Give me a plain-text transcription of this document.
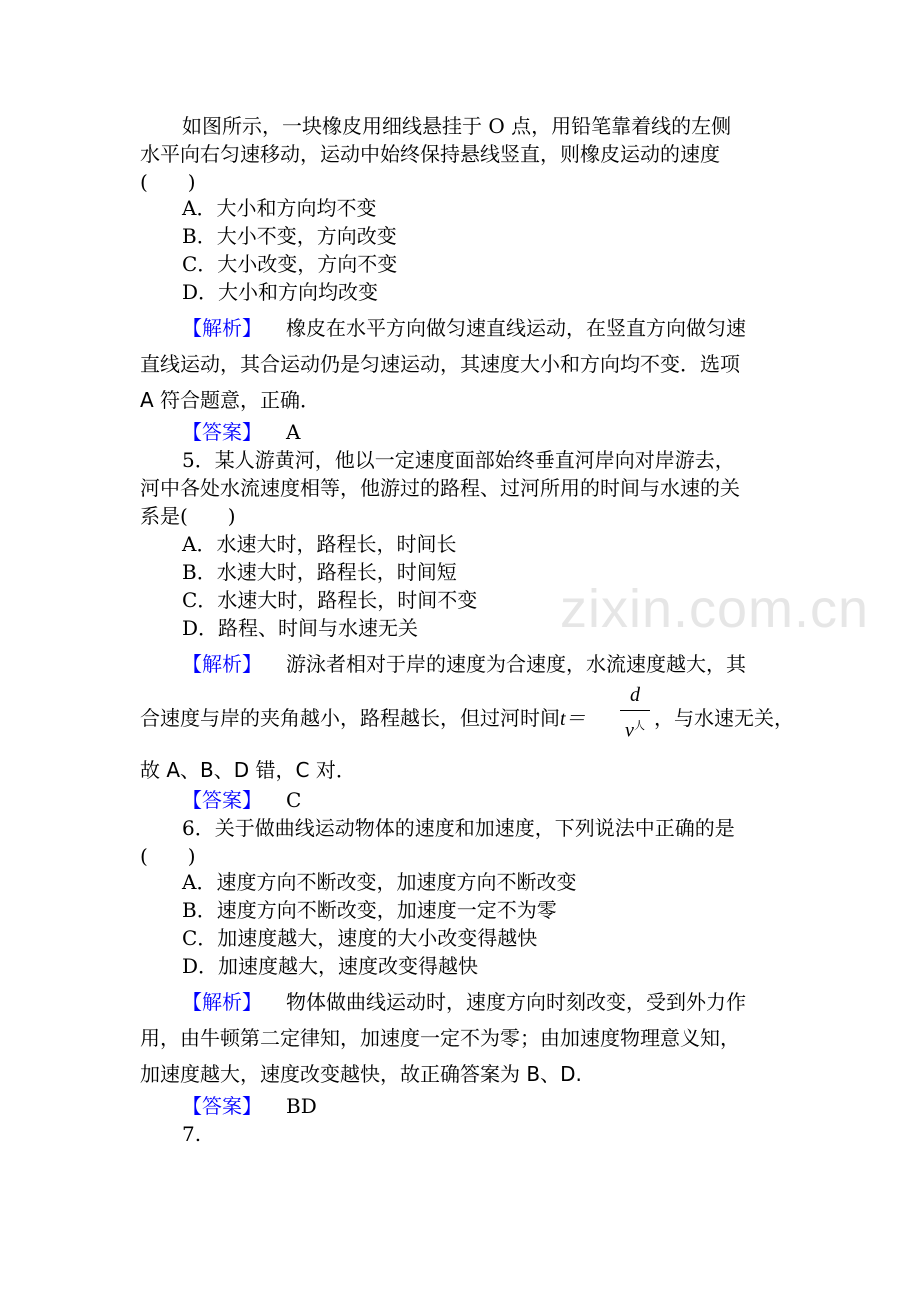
zixin.com.cn
如图所示，一块橡皮用细线悬挂于 O 点，用铅笔靠着线的左侧
水平向右匀速移动，运动中始终保持悬线竖直，则橡皮运动的速度
(　　)
A．大小和方向均不变
B．大小不变，方向改变
C．大小改变，方向不变
D．大小和方向均改变
【解析】 橡皮在水平方向做匀速直线运动，在竖直方向做匀速
直线运动，其合运动仍是匀速运动，其速度大小和方向均不变．选项
A 符合题意，正确．
【答案】 A
5．某人游黄河，他以一定速度面部始终垂直河岸向对岸游去，
河中各处水流速度相等，他游过的路程、过河所用的时间与水速的关
系是(　　)
A．水速大时，路程长，时间长
B．水速大时，路程长，时间短
C．水速大时，路程长，时间不变
D．路程、时间与水速无关
【解析】 游泳者相对于岸的速度为合速度，水流速度越大，其
合速度与岸的夹角越小，路程越长，但过河时间t＝
d
$v^人$ ，与水速无关，
故 A、B、D 错，C 对．
【答案】 C
6．关于做曲线运动物体的速度和加速度，下列说法中正确的是
(　　)
A．速度方向不断改变，加速度方向不断改变
B．速度方向不断改变，加速度一定不为零
C．加速度越大，速度的大小改变得越快
D．加速度越大，速度改变得越快
【解析】 物体做曲线运动时，速度方向时刻改变，受到外力作
用，由牛顿第二定律知，加速度一定不为零；由加速度物理意义知，
加速度越大，速度改变越快，故正确答案为 B、D.
【答案】 BD
7.
